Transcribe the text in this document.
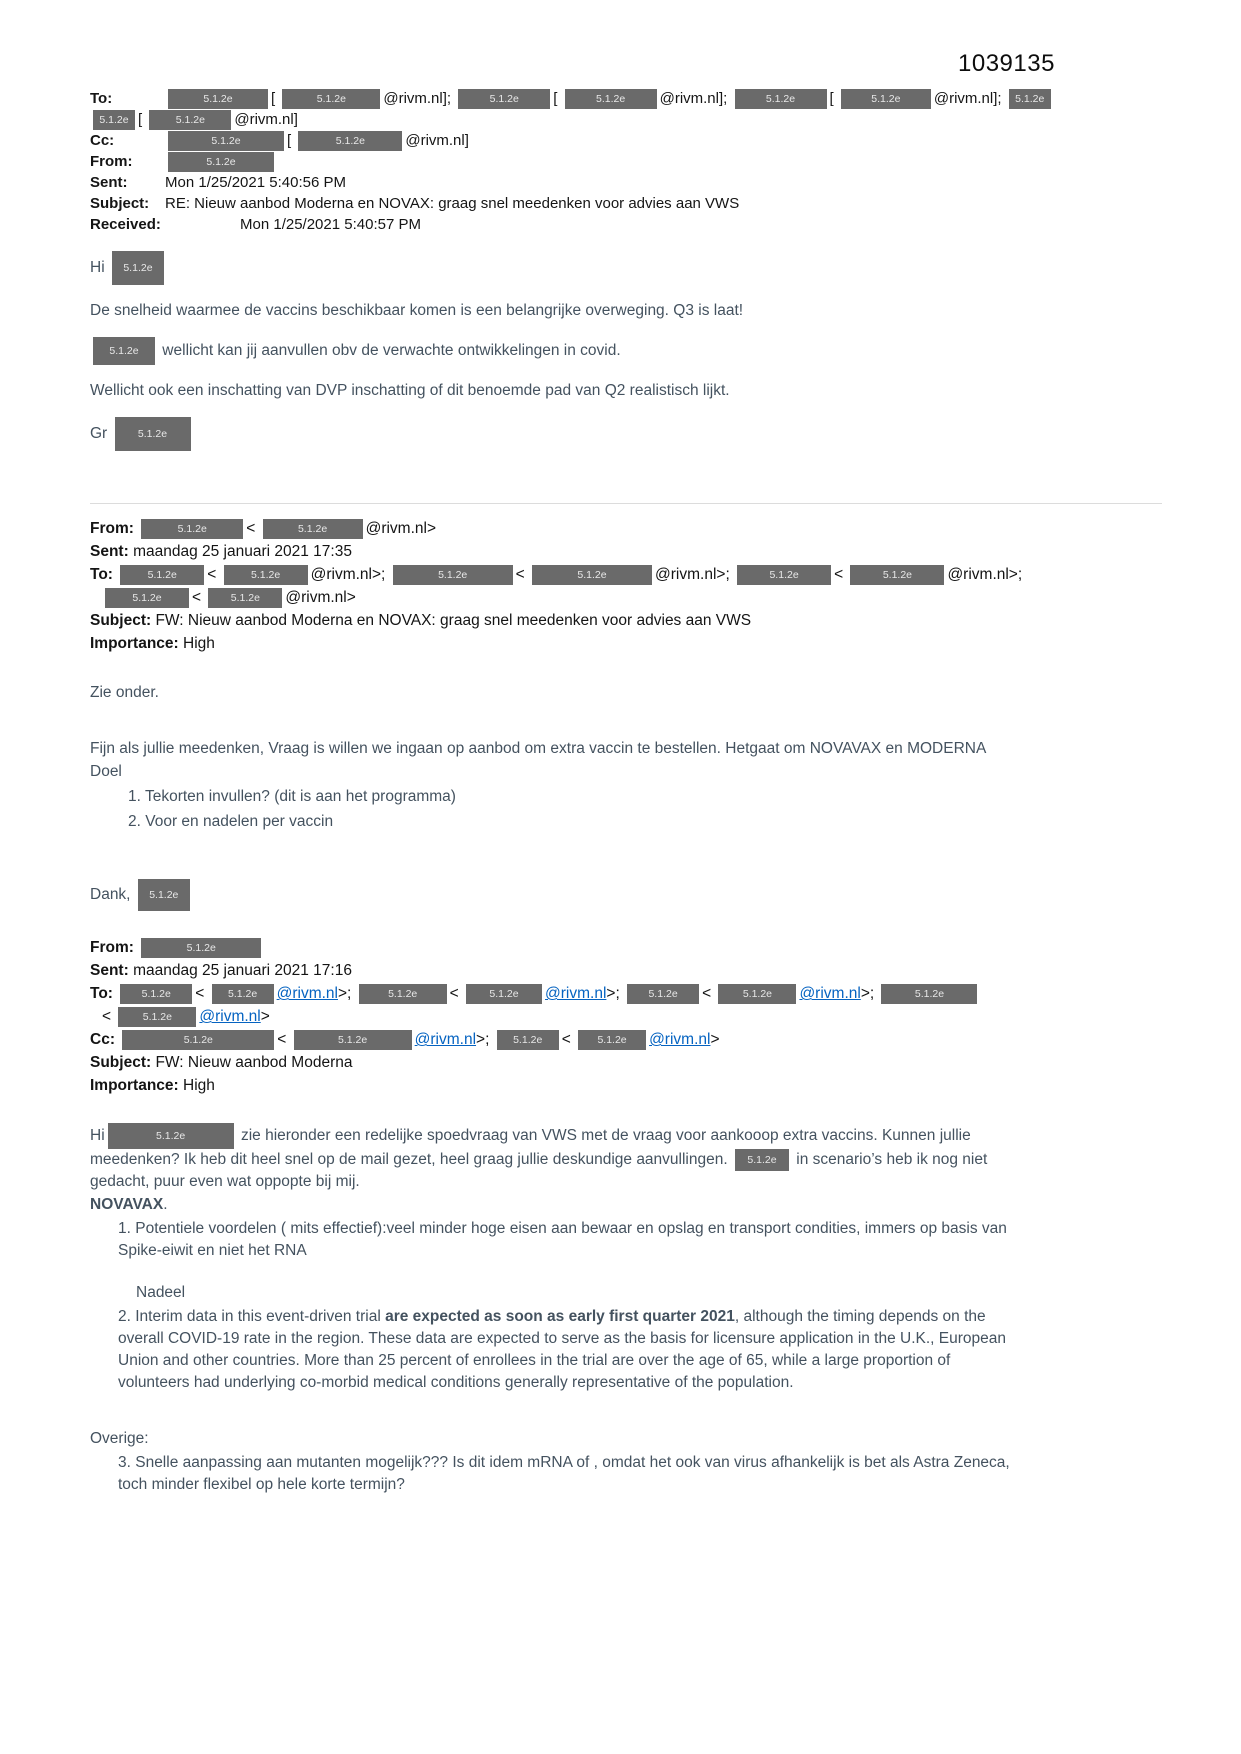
1039135
To:	5.1.2e	[	5.1.2e @rivm.nl];	5.1.2e [	5.1.2e @rivm.nl];	5.1.2e [	5.1.2e @rivm.nl]; 5.1.2e
5.1.2e [	5.1.2e @rivm.nl]
Cc:	5.1.2e	[	5.1.2e	@rivm.nl]
From:	5.1.2e
Sent:	Mon 1/25/2021 5:40:56 PM
Subject:	RE: Nieuw aanbod Moderna en NOVAX: graag snel meedenken voor advies aan VWS
Received:	Mon 1/25/2021 5:40:57 PM
Hi 5.1.2e
De snelheid waarmee de vaccins beschikbaar komen is een belangrijke overweging. Q3 is laat!
5.1.2e wellicht kan jij aanvullen obv de verwachte ontwikkelingen in covid.
Wellicht ook een inschatting van DVP inschatting of dit benoemde pad van Q2 realistisch lijkt.
Gr	5.1.2e
From:	5.1.2e	<	5.1.2e @rivm.nl>
Sent: maandag 25 januari 2021 17:35
To:	5.1.2e <	5.1.2e @rivm.nl>;	5.1.2e	<	5.1.2e	@rivm.nl>;	5.1.2e <	5.1.2e @rivm.nl>;
5.1.2e < 5.1.2e @rivm.nl>
Subject: FW: Nieuw aanbod Moderna en NOVAX: graag snel meedenken voor advies aan VWS
Importance: High
Zie onder.
Fijn als jullie meedenken, Vraag is willen we ingaan op aanbod om extra vaccin te bestellen. Hetgaat om NOVAVAX en MODERNA
Doel
1. Tekorten invullen? (dit is aan het programma)
2. Voor en nadelen per vaccin
Dank, 5.1.2e
From:	5.1.2e
Sent: maandag 25 januari 2021 17:16
To: 5.1.2e < 5.1.2e @rivm.nl>;	5.1.2e <	5.1.2e @rivm.nl>; 5.1.2e <	5.1.2e @rivm.nl>;	5.1.2e
<	5.1.2e @rivm.nl>
Cc:	5.1.2e	<	5.1.2e	@rivm.nl>; 5.1.2e < 5.1.2e @rivm.nl>
Subject: FW: Nieuw aanbod Moderna
Importance: High
Hi	5.1.2e	zie hieronder een redelijke spoedvraag van VWS met de vraag voor aankooop extra vaccins. Kunnen jullie meedenken? Ik heb dit heel snel op de mail gezet, heel graag jullie deskundige aanvullingen. 5.1.2e in scenario’s heb ik nog niet gedacht, puur even wat oppopte bij mij.
NOVAVAX.
1. Potentiele voordelen ( mits effectief):veel minder hoge eisen aan bewaar en opslag en transport condities, immers op basis van Spike-eiwit en niet het RNA
Nadeel
2. Interim data in this event-driven trial are expected as soon as early first quarter 2021, although the timing depends on the overall COVID-19 rate in the region. These data are expected to serve as the basis for licensure application in the U.K., European Union and other countries. More than 25 percent of enrollees in the trial are over the age of 65, while a large proportion of volunteers had underlying co-morbid medical conditions generally representative of the population.
Overige:
3. Snelle aanpassing aan mutanten mogelijk??? Is dit idem mRNA of , omdat het ook van virus afhankelijk is bet als Astra Zeneca, toch minder flexibel op hele korte termijn?
